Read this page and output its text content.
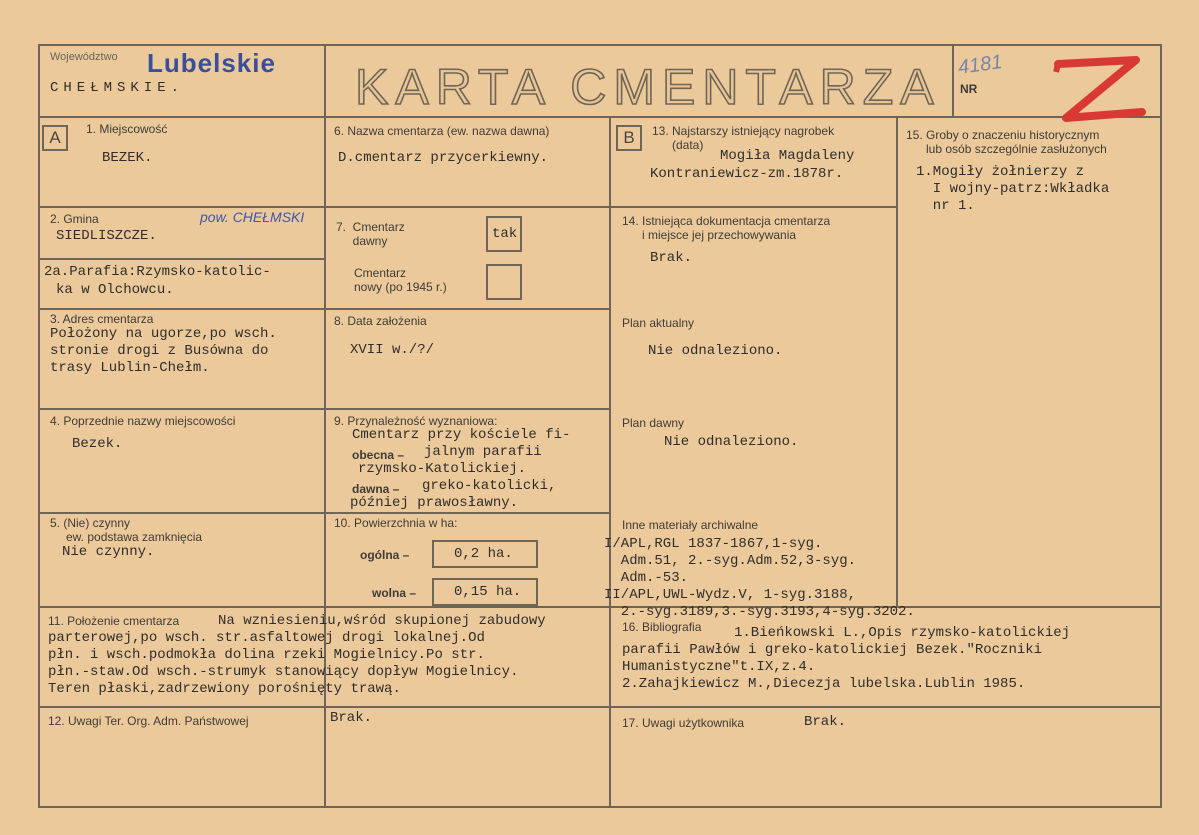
Województwo Lubelskie
CHEŁMSKIE.	KARTA CMENTARZA 4181
NR
A	B
1. Miejscowość
BEZEK.
2. Gmina
SIEDLISZCZE.
pow. CHEŁMSKI
2a.Parafia:Rzymsko-katolic-
ka w Olchowcu.
3. Adres cmentarza
Położony na ugorze,po wsch.
stronie drogi z Busówna do
trasy Lublin-Chełm.
4. Poprzednie nazwy miejscowości
Bezek.
5. (Nie) czynny
ew. podstawa zamknięcia
Nie czynny.
6. Nazwa cmentarza (ew. nazwa dawna)
D.cmentarz przycerkiewny.
7.  Cmentarz
dawny	tak
Cmentarz
nowy (po 1945 r.)
8. Data założenia
XVII w./?/
9. Przynależność wyznaniowa:
Cmentarz przy kościele fi-
obecna – jalnym parafii
rzymsko-Katolickiej.
dawna – greko-katolicki,
później prawosławny.
10. Powierzchnia w ha:
ogólna –	0,2 ha.
wolna –	0,15 ha.
11. Położenie cmentarza	Na wzniesieniu,wśród skupionej zabudowy
parterowej,po wsch. str.asfaltowej drogi lokalnej.Od
płn. i wsch.podmokła dolina rzeki Mogielnicy.Po str.
płn.-staw.Od wsch.-strumyk stanowiący dopływ Mogielnicy.
Teren płaski,zadrzewiony porośnięty trawą.
12. Uwagi Ter. Org. Adm. Państwowej	Brak.
13. Najstarszy istniejący nagrobek
(data)
Mogiła Magdaleny
Kontraniewicz-zm.1878r.
14. Istniejąca dokumentacja cmentarza
i miejsce jej przechowywania
Brak.
Plan aktualny
Nie odnaleziono.
Plan dawny
Nie odnaleziono.
Inne materiały archiwalne
I/APL,RGL 1837-1867,1-syg.
Adm.51, 2.-syg.Adm.52,3-syg.
Adm.-53.
II/APL,UWL-Wydz.V, 1-syg.3188,
2.-syg.3189,3.-syg.3193,4-syg.3202.
15. Groby o znaczeniu historycznym
lub osób szczególnie zasłużonych
1.Mogiły żołnierzy z
I wojny-patrz:Wkładka
nr 1.
16. Bibliografia 1.Bieńkowski L.,Opis rzymsko-katolickiej
parafii Pawłów i greko-katolickiej Bezek."Roczniki
Humanistyczne"t.IX,z.4.
2.Zahajkiewicz M.,Diecezja lubelska.Lublin 1985.
17. Uwagi użytkownika	Brak.
